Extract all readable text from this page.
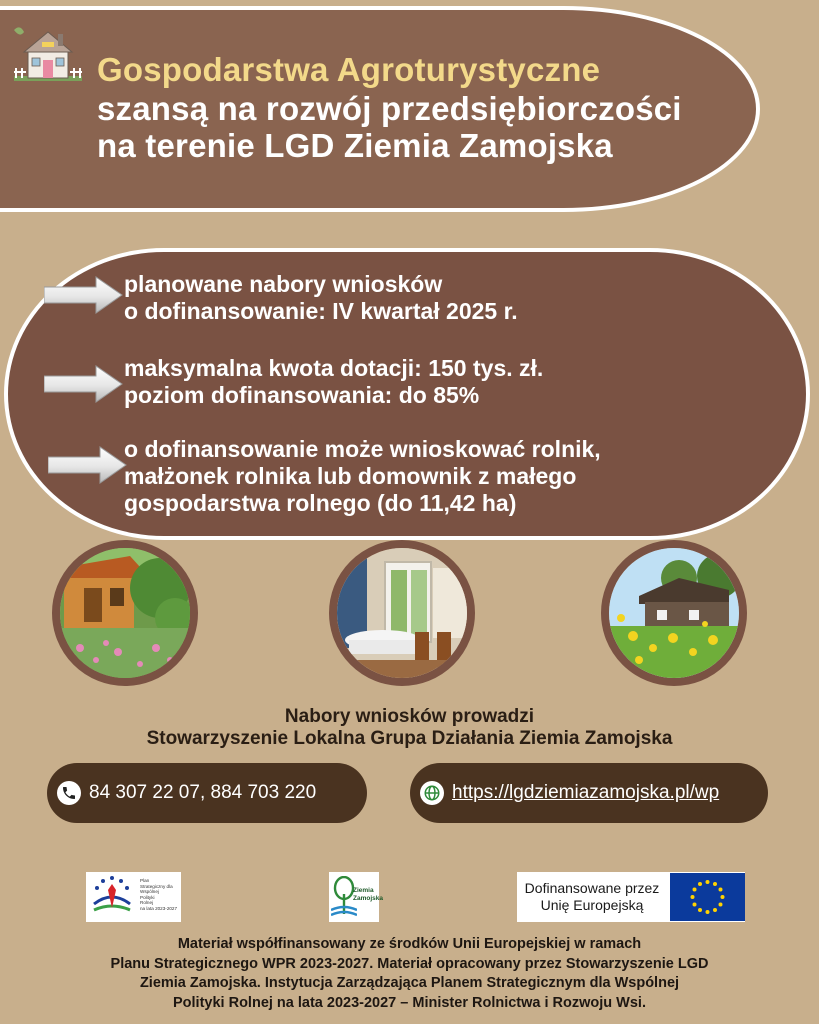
Gospodarstwa Agroturystyczne
szansą na rozwój przedsiębiorczości
na terenie LGD Ziemia Zamojska
planowane nabory wniosków
o dofinansowanie: IV kwartał 2025 r.
maksymalna kwota dotacji: 150 tys. zł.
poziom dofinansowania: do 85%
o dofinansowanie może wnioskować rolnik,
małżonek rolnika lub domownik z małego
gospodarstwa rolnego (do 11,42 ha)
Nabory wniosków prowadzi
Stowarzyszenie Lokalna Grupa Działania Ziemia Zamojska
84 307 22 07, 884 703 220	https://lgdziemiazamojska.pl/wp
Plan
Strategiczny dla
Wspólnej
Polityki
Rolnej
na lata 2023-2027
Ziemia
Zamojska
Dofinansowane przez
Unię Europejską
Materiał współfinansowany ze środków Unii Europejskiej w ramach
Planu Strategicznego WPR 2023-2027. Materiał opracowany przez Stowarzyszenie LGD
Ziemia Zamojska. Instytucja Zarządzająca Planem Strategicznym dla Wspólnej
Polityki Rolnej na lata 2023-2027 – Minister Rolnictwa i Rozwoju Wsi.
